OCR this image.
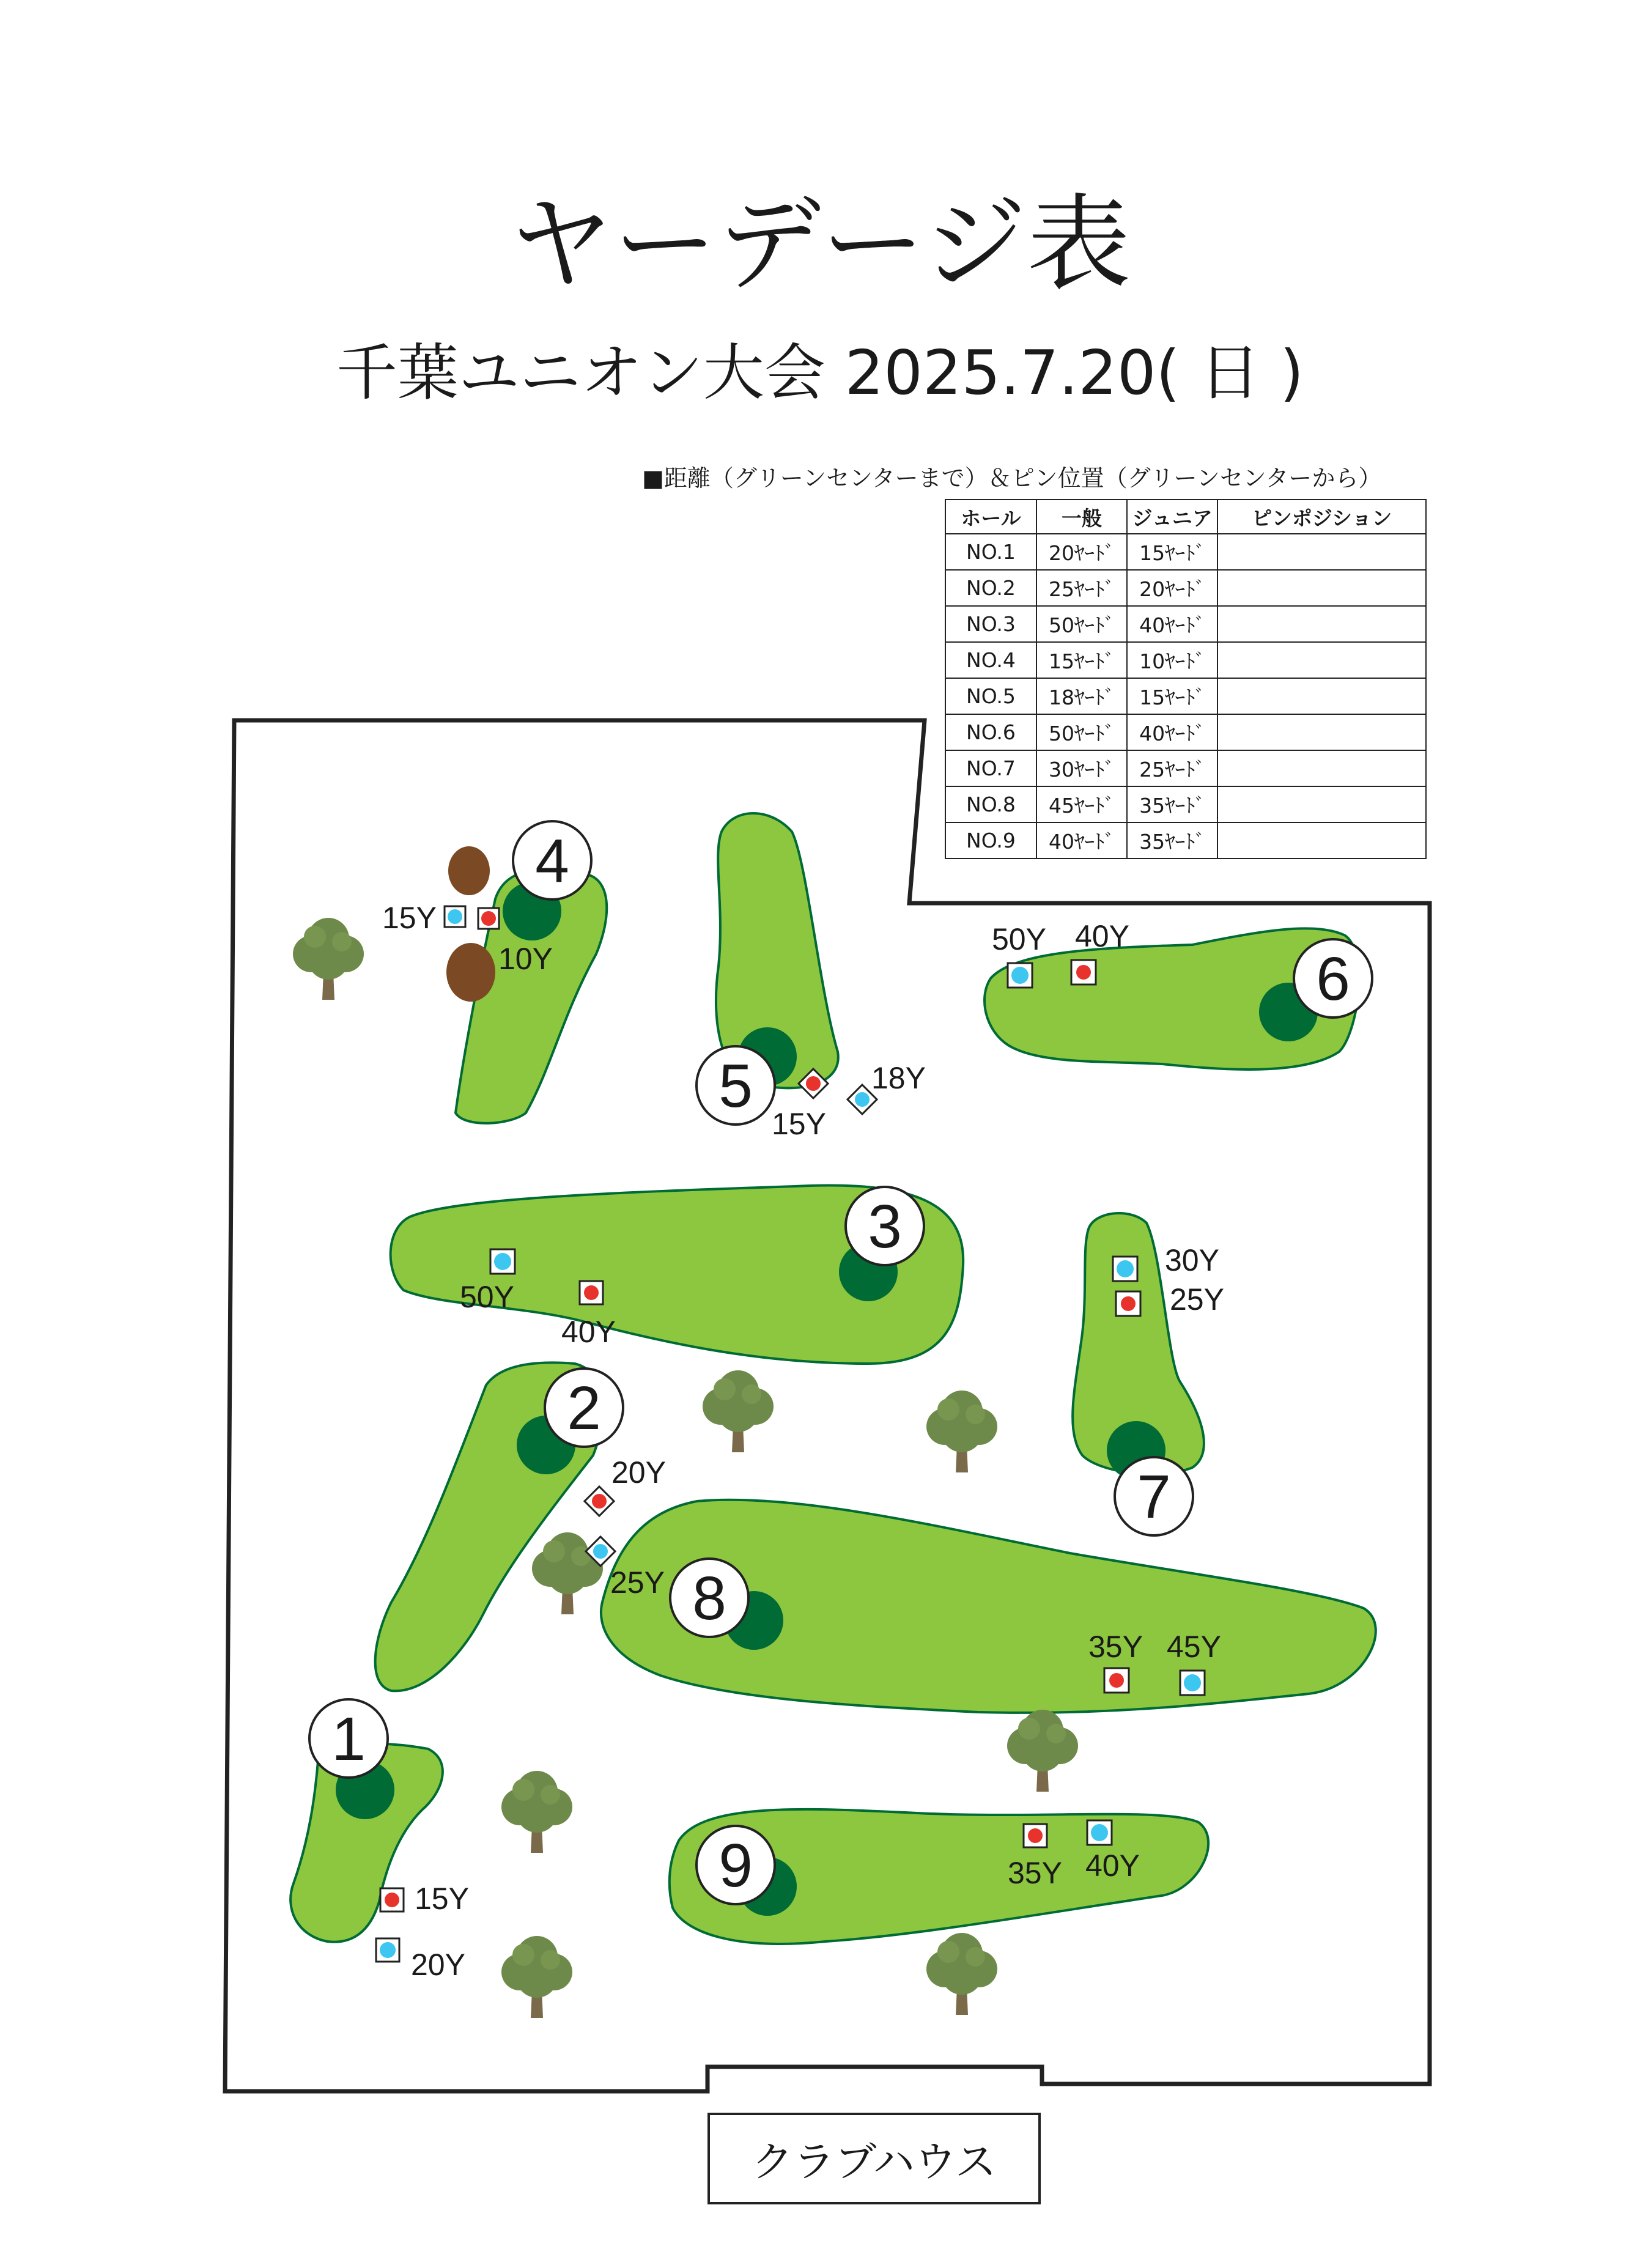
ヤーデージ表
千葉ユニオン大会 2025.7.20( 日 )
■距離（グリーンセンターまで）＆ピン位置（グリーンセンターから）
ホール	一般	ジュニア	ピンポジション
NO.1	20ﾔｰﾄﾞ	15ﾔｰﾄﾞ	
NO.2	25ﾔｰﾄﾞ	20ﾔｰﾄﾞ	
NO.3	50ﾔｰﾄﾞ	40ﾔｰﾄﾞ	
NO.4	15ﾔｰﾄﾞ	10ﾔｰﾄﾞ	
NO.5	18ﾔｰﾄﾞ	15ﾔｰﾄﾞ	
NO.6	50ﾔｰﾄﾞ	40ﾔｰﾄﾞ	
NO.7	30ﾔｰﾄﾞ	25ﾔｰﾄﾞ	
NO.8	45ﾔｰﾄﾞ	35ﾔｰﾄﾞ	
NO.9	40ﾔｰﾄﾞ	35ﾔｰﾄﾞ	
4
5
6
3
7
2
8
1
9
15Y
10Y
15Y
18Y
50Y 40Y
50Y
40Y
30Y
25Y
20Y
25Y
35Y 45Y
15Y
20Y
35Y 40Y
クラブハウス
